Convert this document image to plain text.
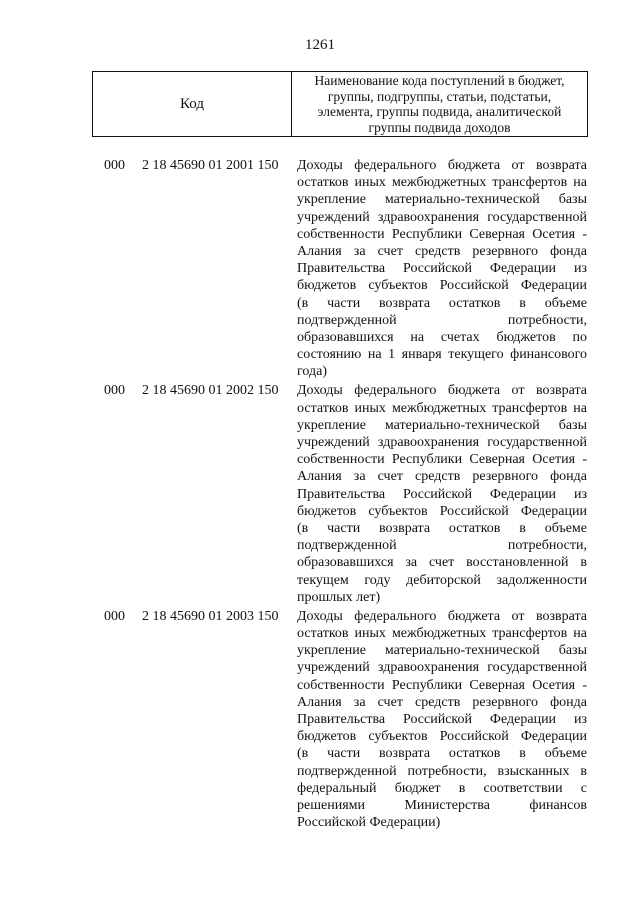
1261
Код
Наименование кода поступлений в бюджет,
группы, подгруппы, статьи, подстатьи,
элемента, группы подвида, аналитической
группы подвида доходов
000 2 18 45690 01 2001 150 Доходы федерального бюджета от возврата
остатков иных межбюджетных трансфертов на
укрепление материально-технической базы
учреждений здравоохранения государственной
собственности Республики Северная Осетия -
Алания за счет средств резервного фонда
Правительства Российской Федерации из
бюджетов субъектов Российской Федерации
(в части возврата остатков в объеме
подтвержденной	потребности,
образовавшихся на счетах бюджетов по
состоянию на 1 января текущего финансового
года)
000 2 18 45690 01 2002 150 Доходы федерального бюджета от возврата
остатков иных межбюджетных трансфертов на
укрепление материально-технической базы
учреждений здравоохранения государственной
собственности Республики Северная Осетия -
Алания за счет средств резервного фонда
Правительства Российской Федерации из
бюджетов субъектов Российской Федерации
(в части возврата остатков в объеме
подтвержденной	потребности,
образовавшихся за счет восстановленной в
текущем году дебиторской задолженности
прошлых лет)
000 2 18 45690 01 2003 150 Доходы федерального бюджета от возврата
остатков иных межбюджетных трансфертов на
укрепление материально-технической базы
учреждений здравоохранения государственной
собственности Республики Северная Осетия -
Алания за счет средств резервного фонда
Правительства Российской Федерации из
бюджетов субъектов Российской Федерации
(в части возврата остатков в объеме
подтвержденной потребности, взысканных в
федеральный бюджет в соответствии с
решениями Министерства финансов
Российской Федерации)
